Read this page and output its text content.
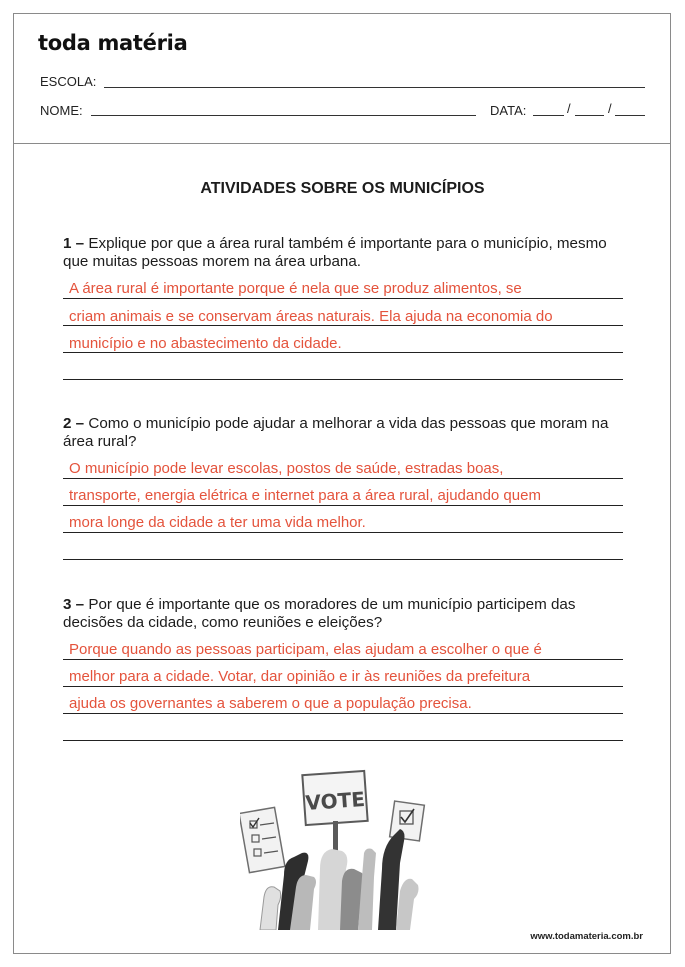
toda matéria
ESCOLA:
NOME:	DATA:	/	/
ATIVIDADES SOBRE OS MUNICÍPIOS
1 – Explique por que a área rural também é importante para o município, mesmo que muitas pessoas morem na área urbana.
A área rural é importante porque é nela que se produz alimentos, se
criam animais e se conservam áreas naturais. Ela ajuda na economia do
município e no abastecimento da cidade.
2 – Como o município pode ajudar a melhorar a vida das pessoas que moram na área rural?
O município pode levar escolas, postos de saúde, estradas boas,
transporte, energia elétrica e internet para a área rural, ajudando quem
mora longe da cidade a ter uma vida melhor.
3 – Por que é importante que os moradores de um município participem das decisões da cidade, como reuniões e eleições?
Porque quando as pessoas participam, elas ajudam a escolher o que é
melhor para a cidade. Votar, dar opinião e ir às reuniões da prefeitura
ajuda os governantes a saberem o que a população precisa.
VOTE
www.todamateria.com.br
